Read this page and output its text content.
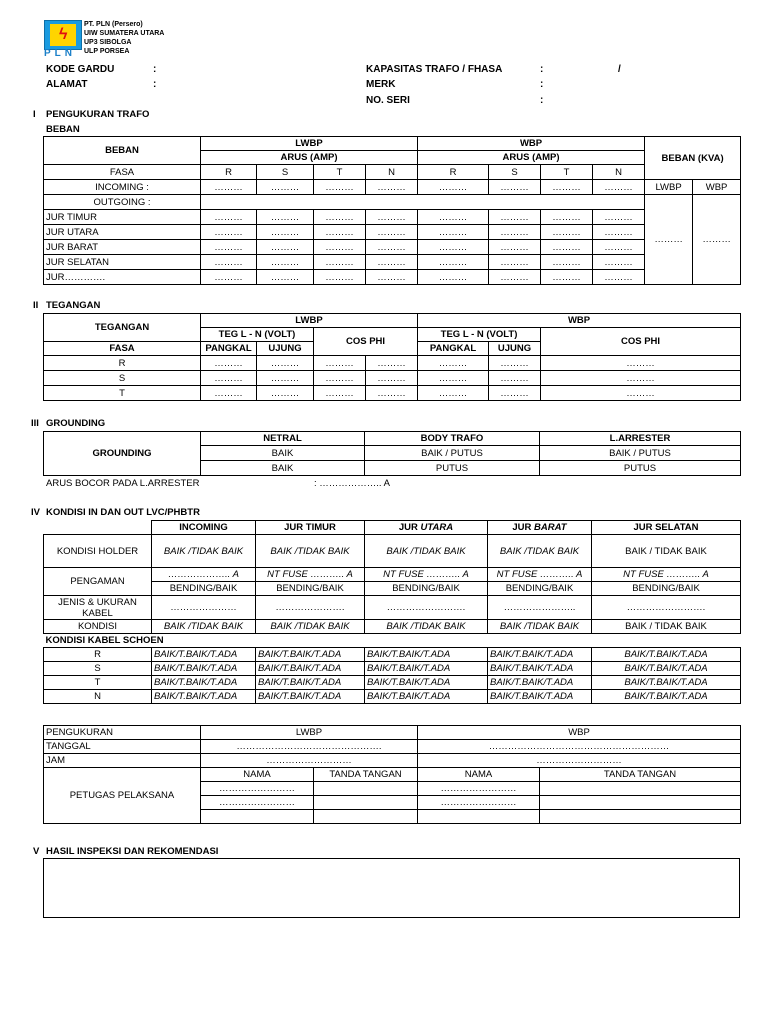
ϟ
PLN
PT. PLN (Persero)
UIW SUMATERA UTARA
UP3 SIBOLGA
ULP PORSEA
KODE GARDU	:
ALAMAT	:
KAPASITAS TRAFO / FHASA	:	/
MERK	:
NO. SERI	:
I PENGUKURAN TRAFO
BEBAN
BEBAN	LWBP				WBP				BEBAN (KVA)	
	ARUS (AMP)				ARUS (AMP)					
FASA	R	S	T	N	R	S	T	N		
INCOMING :	………	………	………	………	………	………	………	………	LWBP	WBP
OUTGOING :									………	………
JUR TIMUR	………	………	………	………	………	………	………	………		
JUR UTARA	………	………	………	………	………	………	………	………		
JUR BARAT	………	………	………	………	………	………	………	………		
JUR SELATAN	………	………	………	………	………	………	………	………		
JUR………….	………	………	………	………	………	………	………	………		
II TEGANGAN
TEGANGAN	LWBP				WBP		
	TEG L - N (VOLT)		COS PHI		TEG L - N (VOLT)		COS PHI
FASA	PANGKAL	UJUNG			PANGKAL	UJUNG	
R	………	………	………	………	………	………	………
S	………	………	………	………	………	………	………
T	………	………	………	………	………	………	………
III GROUNDING
GROUNDING	NETRAL	BODY TRAFO	L.ARRESTER
	BAIK	BAIK / PUTUS	BAIK / PUTUS
	BAIK	PUTUS	PUTUS
ARUS BOCOR PADA L.ARRESTER	: ……………….. A
IV KONDISI IN DAN OUT LVC/PHBTR
	INCOMING	JUR TIMUR	JUR UTARA	JUR BARAT	JUR SELATAN
KONDISI HOLDER	BAIK /TIDAK BAIK	BAIK /TIDAK BAIK	BAIK /TIDAK BAIK	BAIK /TIDAK BAIK	BAIK / TIDAK BAIK
PENGAMAN	……………….. A	NT FUSE ……….. A	NT FUSE ……….. A	NT FUSE ……….. A	NT FUSE ……….. A
	BENDING/BAIK	BENDING/BAIK	BENDING/BAIK	BENDING/BAIK	BENDING/BAIK

JENIS & UKURAN
KABEL	…………………	………………….	…………………….	…………………..	…………………….
KONDISI	BAIK /TIDAK BAIK	BAIK /TIDAK BAIK	BAIK /TIDAK BAIK	BAIK /TIDAK BAIK	BAIK / TIDAK BAIK
KONDISI KABEL SCHOEN					
R	BAIK/T.BAIK/T.ADA	BAIK/T.BAIK/T.ADA	BAIK/T.BAIK/T.ADA	BAIK/T.BAIK/T.ADA	BAIK/T.BAIK/T.ADA
S	BAIK/T.BAIK/T.ADA	BAIK/T.BAIK/T.ADA	BAIK/T.BAIK/T.ADA	BAIK/T.BAIK/T.ADA	BAIK/T.BAIK/T.ADA
T	BAIK/T.BAIK/T.ADA	BAIK/T.BAIK/T.ADA	BAIK/T.BAIK/T.ADA	BAIK/T.BAIK/T.ADA	BAIK/T.BAIK/T.ADA
N	BAIK/T.BAIK/T.ADA	BAIK/T.BAIK/T.ADA	BAIK/T.BAIK/T.ADA	BAIK/T.BAIK/T.ADA	BAIK/T.BAIK/T.ADA
PENGUKURAN	LWBP		WBP	
TANGGAL	……………………………………….		…………………………………………………	
JAM	………………………		………………………	
PETUGAS PELAKSANA	NAMA	TANDA TANGAN	NAMA	TANDA TANGAN
	……………………		……………………	
	……………………		……………………	

V HASIL INSPEKSI DAN REKOMENDASI
